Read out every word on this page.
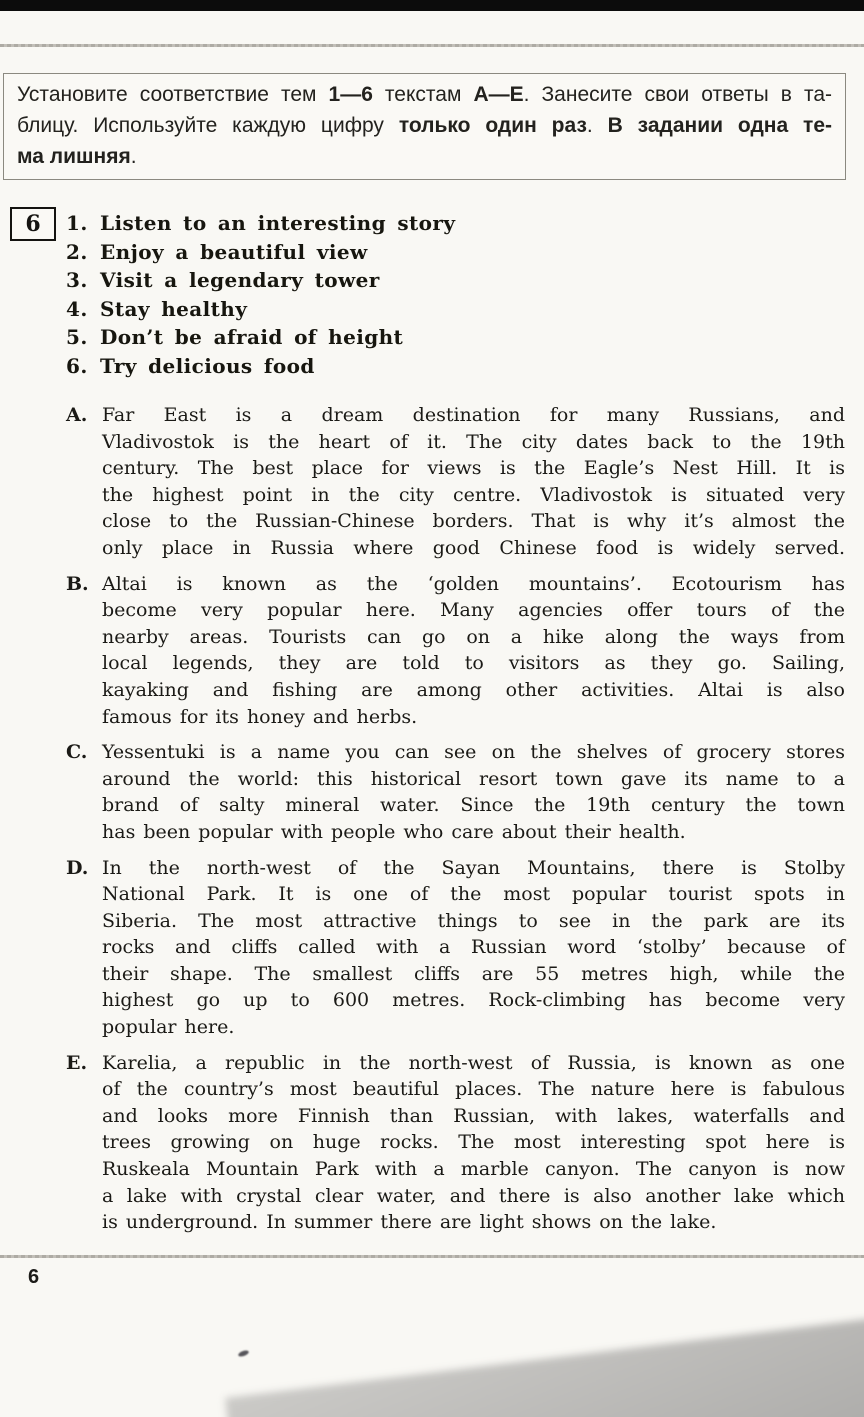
Установите соответствие тем 1—6 текстам А—Е. Занесите свои ответы в та-
блицу. Используйте каждую цифру только один раз. В задании одна те-
ма лишняя.
6 1. Listen to an interesting story
2. Enjoy a beautiful view
3. Visit a legendary tower
4. Stay healthy
5. Don’t be afraid of height
6. Try delicious food
A. Far East is a dream destination for many Russians, and
Vladivostok is the heart of it. The city dates back to the 19th
century. The best place for views is the Eagle’s Nest Hill. It is
the highest point in the city centre. Vladivostok is situated very
close to the Russian-Chinese borders. That is why it’s almost the
only place in Russia where good Chinese food is widely served.
B. Altai is known as the ‘golden mountains’. Ecotourism has
become very popular here. Many agencies offer tours of the
nearby areas. Tourists can go on a hike along the ways from
local legends, they are told to visitors as they go. Sailing,
kayaking and fishing are among other activities. Altai is also
famous for its honey and herbs.
C. Yessentuki is a name you can see on the shelves of grocery stores
around the world: this historical resort town gave its name to a
brand of salty mineral water. Since the 19th century the town
has been popular with people who care about their health.
D. In the north-west of the Sayan Mountains, there is Stolby
National Park. It is one of the most popular tourist spots in
Siberia. The most attractive things to see in the park are its
rocks and cliffs called with a Russian word ‘stolby’ because of
their shape. The smallest cliffs are 55 metres high, while the
highest go up to 600 metres. Rock-climbing has become very
popular here.
E. Karelia, a republic in the north-west of Russia, is known as one
of the country’s most beautiful places. The nature here is fabulous
and looks more Finnish than Russian, with lakes, waterfalls and
trees growing on huge rocks. The most interesting spot here is
Ruskeala Mountain Park with a marble canyon. The canyon is now
a lake with crystal clear water, and there is also another lake which
is underground. In summer there are light shows on the lake.
6
